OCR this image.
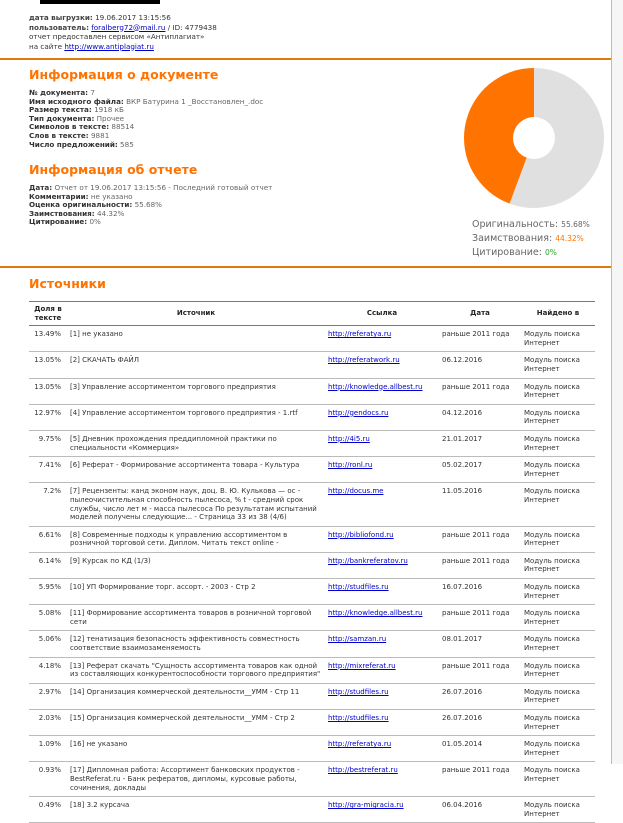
дата выгрузки: 19.06.2017 13:15:56
пользователь: foralberg72@mail.ru / ID: 4779438
отчет предоставлен сервисом «Антиплагиат»
на сайте http://www.antiplagiat.ru
Информация о документе
№ документа: 7
Имя исходного файла: ВКР Батурина 1 _Восстановлен_.doc
Размер текста: 1918 кБ
Тип документа: Прочее
Символов в тексте: 88514
Слов в тексте: 9881
Число предложений: 585
Информация об отчете
Дата: Отчет от 19.06.2017 13:15:56 - Последний готовый отчет
Комментарии: не указано
Оценка оригинальности: 55.68%
Заимствования: 44.32%
Цитирование: 0%	Оригинальность: 55.68%
Заимствования: 44.32%
Цитирование: 0%
Источники
Доля в тексте	Источник	Ссылка	Дата	Найдено в
13.49%	[1] не указано	http://referatya.ru	раньше 2011 года	Модуль поиска Интернет
13.05%	[2] СКАЧАТЬ ФАЙЛ	http://referatwork.ru	06.12.2016	Модуль поиска Интернет
13.05%	[3] Управление ассортиментом торгового предприятия	http://knowledge.allbest.ru	раньше 2011 года	Модуль поиска Интернет
12.97%	[4] Управление ассортиментом торгового предприятия - 1.rtf	http://gendocs.ru	04.12.2016	Модуль поиска Интернет
9.75%	[5] Дневник прохождения преддипломной практики по специальности «Коммерция»	http://4i5.ru	21.01.2017	Модуль поиска Интернет
7.41%	[6] Реферат - Формирование ассортимента товара - Культура	http://ronl.ru	05.02.2017	Модуль поиска Интернет
7.2%	[7] Рецензенты: канд эконом наук, доц. В. Ю. Кулькова — ос - пылеочистительная способность пылесоса, % t - средний срок службы, число лет м - масса пылесоса По результатам испытаний моделей получены следующие... - Страница 33 из 38 (4/6)	http://docus.me	11.05.2016	Модуль поиска Интернет
6.61%	[8] Современные подходы к управлению ассортиментом в розничной торговой сети. Диплом. Читать текст online -	http://bibliofond.ru	раньше 2011 года	Модуль поиска Интернет
6.14%	[9] Курсак по КД (1/3)	http://bankreferatov.ru	раньше 2011 года	Модуль поиска Интернет
5.95%	[10] УП Формирование торг. ассорт. - 2003 - Стр 2	http://studfiles.ru	16.07.2016	Модуль поиска Интернет
5.08%	[11] Формирование ассортимента товаров в розничной торговой сети	http://knowledge.allbest.ru	раньше 2011 года	Модуль поиска Интернет
5.06%	[12] тенатизация безопасность эффективность совместность соответствие взаимозаменяемость	http://samzan.ru	08.01.2017	Модуль поиска Интернет
4.18%	[13] Реферат скачать "Сущность ассортимента товаров как одной из составляющих конкурентоспособности торгового предприятия"	http://mixreferat.ru	раньше 2011 года	Модуль поиска Интернет
2.97%	[14] Организация коммерческой деятельности__УММ - Стр 11	http://studfiles.ru	26.07.2016	Модуль поиска Интернет
2.03%	[15] Организация коммерческой деятельности__УММ - Стр 2	http://studfiles.ru	26.07.2016	Модуль поиска Интернет
1.09%	[16] не указано	http://referatya.ru	01.05.2014	Модуль поиска Интернет
0.93%	[17] Дипломная работа: Ассортимент банковских продуктов - BestReferat.ru - Банк рефератов, дипломы, курсовые работы, сочинения, доклады	http://bestreferat.ru	раньше 2011 года	Модуль поиска Интернет
0.49%	[18] 3.2 курсача	http://gra-migracia.ru	06.04.2016	Модуль поиска Интернет
